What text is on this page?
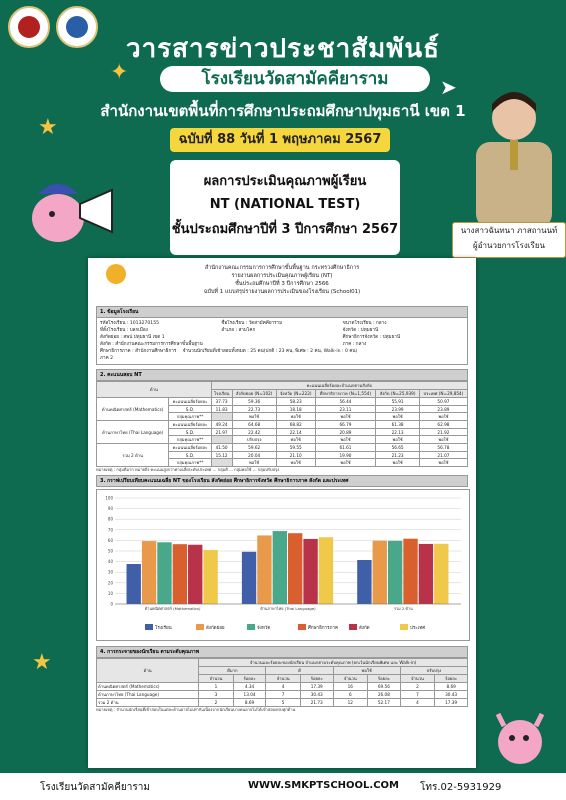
วารสารข่าวประชาสัมพันธ์
โรงเรียนวัดสามัคคียาราม
สำนักงานเขตพื้นที่การศึกษาประถมศึกษาปทุมธานี เขต 1
ฉบับที่ 88 วันที่ 1 พฤษภาคม 2567
✦
★
★
➤
ผลการประเมินคุณภาพผู้เรียน
NT (NATIONAL TEST)
ชั้นประถมศึกษาปีที่ 3 ปีการศึกษา 2567	นางสาวฉันทนา ภาสถานนท์
ผู้อำนวยการโรงเรียน
สำนักงานคณะกรรมการการศึกษาขั้นพื้นฐาน กระทรวงศึกษาธิการ
รายงานผลการประเมินคุณภาพผู้เรียน (NT)
ชั้นประถมศึกษาปีที่ 3 ปีการศึกษา 2566
ฉบับที่ 1 แบบสรุปรายงานผลการประเมินของโรงเรียน (School01)
1. ข้อมูลโรงเรียน
รหัสโรงเรียน : 1013270155	ชื่อโรงเรียน : วัดสามัคคียาราม	ขนาดโรงเรียน : กลาง
ที่ตั้งโรงเรียน : บลกเมือง	อำเภอ : สามโคก	จังหวัด : ปทุมธานี
สังกัดย่อย : สพป.ปทุมธานี เขต 1	ศึกษาธิการจังหวัด : ปทุมธานี
สังกัด : สำนักงานคณะกรรมการการศึกษาขั้นพื้นฐาน	ภาค : กลาง
ศึกษาธิการภาค : สำนักงานศึกษาธิการภาค 2
จำนวนนักเรียนที่เข้าสอบทั้งหมด : 25 คน(ปกติ : 23 คน, พิเศษ : 2 คน, Walk-in : 0 คน)
2. คะแนนสอบ NT
ด้าน		คะแนนเฉลี่ยร้อยละจำแนกตามสังกัด					
		โรงเรียน	สังกัดย่อย (N=102)	จังหวัด (N=222)	ศึกษาธิการภาค (N=1,554)	สังกัด (N=25,939)	ประเทศ (N=29,854)
ด้านคณิตศาสตร์ (Mathematics)	คะแนนเฉลี่ยร้อยละ	37.73	59.36	58.23	56.44	55.91	50.97
	S.D.	11.83	22.73	18.18	23.11	23.99	23.89
	กลุ่มคุณภาพ**		พอใช้	พอใช้	พอใช้	พอใช้	พอใช้
ด้านภาษาไทย (Thai Language)	คะแนนเฉลี่ยร้อยละ	49.24	64.68	68.82	66.79	61.38	62.98
	S.D.	21.97	22.42	22.14	20.89	22.13	21.92
	กลุ่มคุณภาพ**		ปรับปรุง	พอใช้	พอใช้	พอใช้	พอใช้
รวม 2 ด้าน	คะแนนเฉลี่ยร้อยละ	41.50	59.62	59.55	61.61	56.65	56.78
	S.D.	15.12	20.04	21.10	19.90	21.23	21.07
	กลุ่มคุณภาพ**		พอใช้	พอใช้	พอใช้	พอใช้	พอใช้
หมายเหตุ : กลุ่มดีมาก หมายถึง คะแนนสูงกว่าค่าเฉลี่ยระดับประเทศ ... กลุ่มดี ... กลุ่มพอใช้ ... กลุ่มปรับปรุง
3. กราฟเปรียบเทียบคะแนนเฉลี่ย NT ของโรงเรียน สังกัดย่อย ศึกษาธิการจังหวัด ศึกษาธิการภาค สังกัด และประเทศ
0
10
20
30
40
50
60
70
80
90
100
ด้านคณิตศาสตร์ (Mathematics)	ด้านภาษาไทย (Thai Language)	รวม 2 ด้าน
โรงเรียน	สังกัดย่อย	จังหวัด	ศึกษาธิการภาค	สังกัด	ประเทศ
4. การกระจายของนักเรียน ตามระดับคุณภาพ
ด้าน	จำนวนและร้อยละของนักเรียน จำแนกตามระดับคุณภาพ (ยกเว้นนักเรียนพิเศษ และ Walk-in)							
	ดีมาก		ดี		พอใช้		ปรับปรุง	
	จำนวน	ร้อยละ	จำนวน	ร้อยละ	จำนวน	ร้อยละ	จำนวน	ร้อยละ
ด้านคณิตศาสตร์ (Mathematics)	1	4.34	4	17.39	16	69.56	2	8.69
ด้านภาษาไทย (Thai Language)	3	13.04	7	30.43	6	26.08	7	30.43
รวม 2 ด้าน	2	8.69	5	21.73	12	52.17	4	17.39
หมายเหตุ : จำนวนนักเรียนที่เข้าสอบในแต่ละด้านอาจไม่เท่ากันเนื่องจากนักเรียนบางคนอาจไม่ได้เข้าสอบครบทุกด้าน
โรงเรียนวัดสามัคคียาราม	WWW.SMKPTSCHOOL.COM โทร.02-5931929
